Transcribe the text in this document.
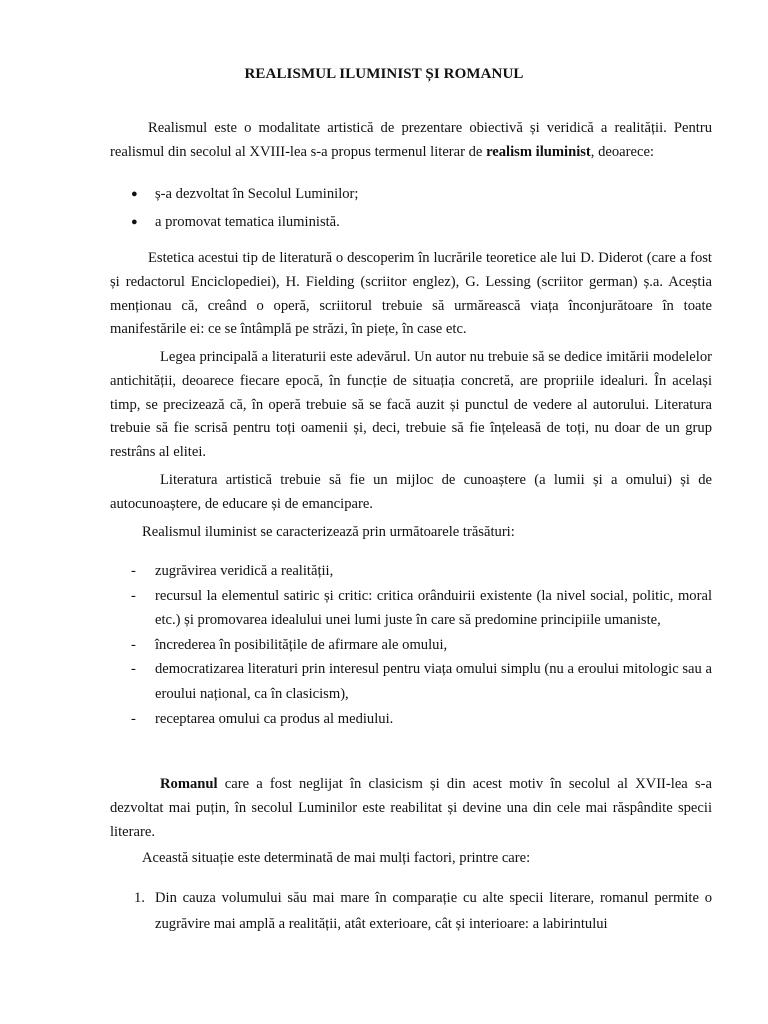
REALISMUL ILUMINIST ȘI ROMANUL

Realismul este o modalitate artistică de prezentare obiectivă și veridică a realității. Pentru realismul din secolul al XVIII-lea s-a propus termenul literar de realism iluminist, deoarece:

● ș-a dezvoltat în Secolul Luminilor;
● a promovat tematica iluministă.

Estetica acestui tip de literatură o descoperim în lucrările teoretice ale lui D. Diderot (care a fost și redactorul Enciclopediei), H. Fielding (scriitor englez), G. Lessing (scriitor german) ș.a. Aceștia menționau că, creând o operă, scriitorul trebuie să urmărească viața înconjurătoare în toate manifestările ei: ce se întâmplă pe străzi, în piețe, în case etc.

Legea principală a literaturii este adevărul. Un autor nu trebuie să se dedice imitării modelelor antichității, deoarece fiecare epocă, în funcție de situația concretă, are propriile idealuri. În același timp, se precizează că, în operă trebuie să se facă auzit și punctul de vedere al autorului. Literatura trebuie să fie scrisă pentru toți oamenii și, deci, trebuie să fie înțeleasă de toți, nu doar de un grup restrâns al elitei.

Literatura artistică trebuie să fie un mijloc de cunoaștere (a lumii și a omului) și de autocunoaștere, de educare și de emancipare.

Realismul iluminist se caracterizează prin următoarele trăsături:

- zugrăvirea veridică a realității,
- recursul la elementul satiric și critic: critica orânduirii existente (la nivel social, politic, moral etc.) și promovarea idealului unei lumi juste în care să predomine principiile umaniste,
- încrederea în posibilitățile de afirmare ale omului,
- democratizarea literaturi prin interesul pentru viața omului simplu (nu a eroului mitologic sau a eroului național, ca în clasicism),
- receptarea omului ca produs al mediului.

Romanul care a fost neglijat în clasicism și din acest motiv în secolul al XVII-lea s-a dezvoltat mai puțin, în secolul Luminilor este reabilitat și devine una din cele mai răspândite specii literare.

Această situație este determinată de mai mulți factori, printre care:

1. Din cauza volumului său mai mare în comparație cu alte specii literare, romanul permite o zugrăvire mai amplă a realității, atât exterioare, cât și interioare: a labirintului
